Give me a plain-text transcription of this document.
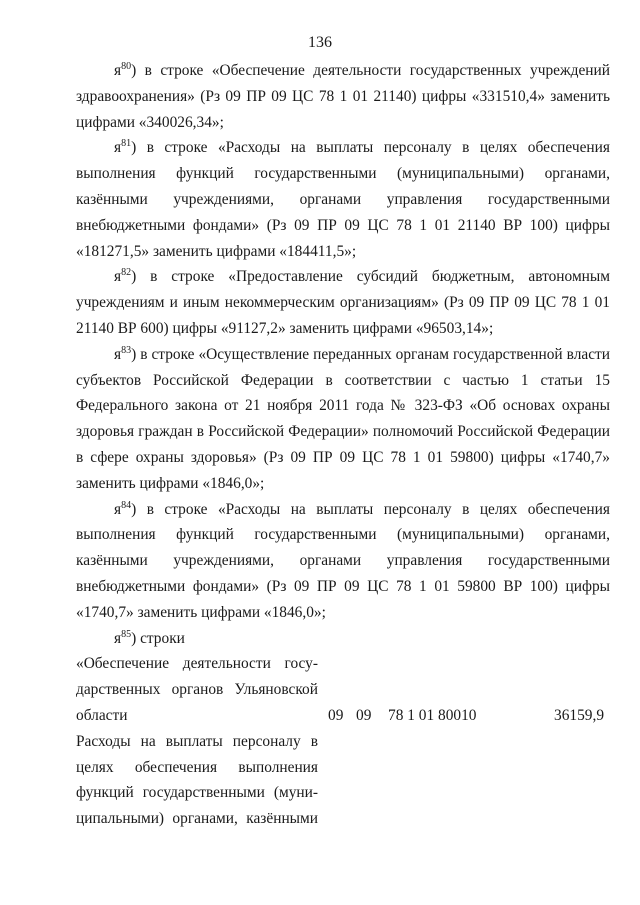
136

$я^{80}$) в строке «Обеспечение деятельности государственных учреждений здравоохранения» (Рз 09 ПР 09 ЦС 78 1 01 21140) цифры «331510,4» заменить цифрами «340026,34»;

$я^{81}$) в строке «Расходы на выплаты персоналу в целях обеспечения выполнения функций государственными (муниципальными) органами, казёнными учреждениями, органами управления государственными внебюджетными фондами» (Рз 09 ПР 09 ЦС 78 1 01 21140 ВР 100) цифры «181271,5» заменить цифрами «184411,5»;

$я^{82}$) в строке «Предоставление субсидий бюджетным, автономным учреждениям и иным некоммерческим организациям» (Рз 09 ПР 09 ЦС 78 1 01 21140 ВР 600) цифры «91127,2» заменить цифрами «96503,14»;

$я^{83}$) в строке «Осуществление переданных органам государственной власти субъектов Российской Федерации в соответствии с частью 1 статьи 15 Федерального закона от 21 ноября 2011 года № 323-ФЗ «Об основах охраны здоровья граждан в Российской Федерации» полномочий Российской Федерации в сфере охраны здоровья» (Рз 09 ПР 09 ЦС 78 1 01 59800) цифры «1740,7» заменить цифрами «1846,0»;

$я^{84}$) в строке «Расходы на выплаты персоналу в целях обеспечения выполнения функций государственными (муниципальными) органами, казёнными учреждениями, органами управления государственными внебюджетными фондами» (Рз 09 ПР 09 ЦС 78 1 01 59800 ВР 100) цифры «1740,7» заменить цифрами «1846,0»;

$я^{85}$) строки

«Обеспечение деятельности госу-
дарственных органов Ульяновской
области	09 09 78 1 01 80010	36159,9
Расходы на выплаты персоналу в
целях обеспечения выполнения
функций государственными (муни-
ципальными) органами, казёнными
